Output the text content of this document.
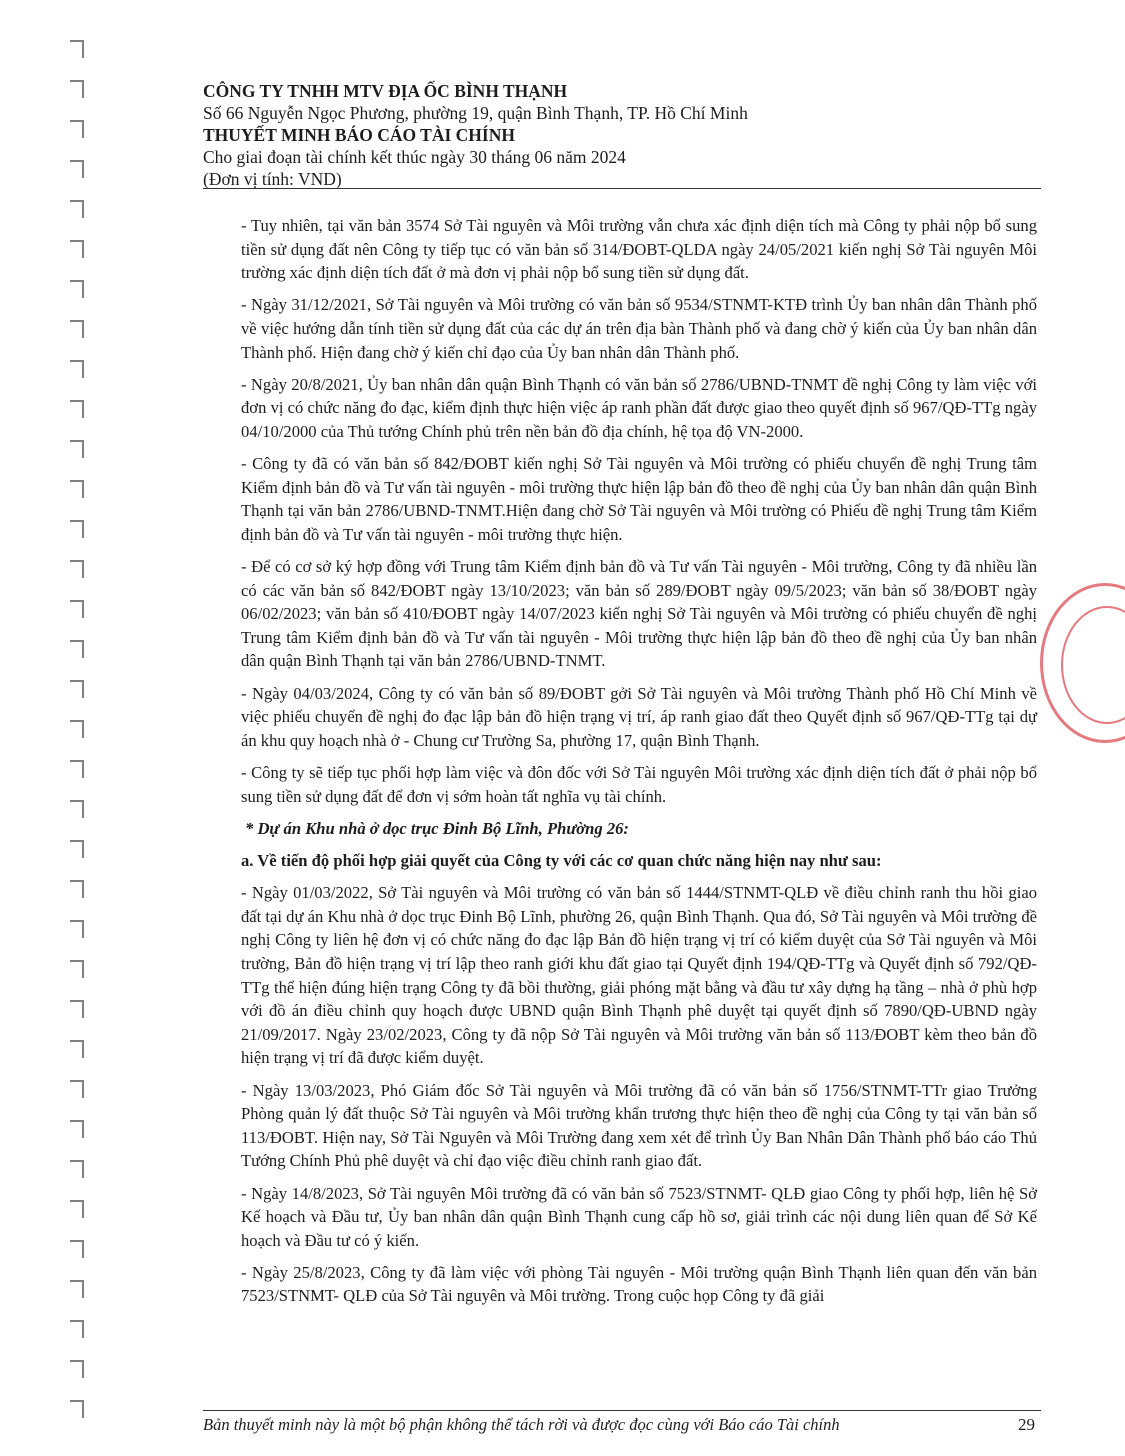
CÔNG TY TNHH MTV ĐỊA ỐC BÌNH THẠNH
Số 66 Nguyễn Ngọc Phương, phường 19, quận Bình Thạnh, TP. Hồ Chí Minh
THUYẾT MINH BÁO CÁO TÀI CHÍNH
Cho giai đoạn tài chính kết thúc ngày 30 tháng 06 năm 2024
(Đơn vị tính: VND)

- Tuy nhiên, tại văn bản 3574 Sở Tài nguyên và Môi trường vẫn chưa xác định diện tích mà Công ty phải nộp bổ sung tiền sử dụng đất nên Công ty tiếp tục có văn bản số 314/ĐOBT-QLDA ngày 24/05/2021 kiến nghị Sở Tài nguyên Môi trường xác định diện tích đất ở mà đơn vị phải nộp bổ sung tiền sử dụng đất.

- Ngày 31/12/2021, Sở Tài nguyên và Môi trường có văn bản số 9534/STNMT-KTĐ trình Ủy ban nhân dân Thành phố về việc hướng dẫn tính tiền sử dụng đất của các dự án trên địa bàn Thành phố và đang chờ ý kiến của Ủy ban nhân dân Thành phố. Hiện đang chờ ý kiến chỉ đạo của Ủy ban nhân dân Thành phố.

- Ngày 20/8/2021, Ủy ban nhân dân quận Bình Thạnh có văn bản số 2786/UBND-TNMT đề nghị Công ty làm việc với đơn vị có chức năng đo đạc, kiểm định thực hiện việc áp ranh phần đất được giao theo quyết định số 967/QĐ-TTg ngày 04/10/2000 của Thủ tướng Chính phủ trên nền bản đồ địa chính, hệ tọa độ VN-2000.

- Công ty đã có văn bản số 842/ĐOBT kiến nghị Sở Tài nguyên và Môi trường có phiếu chuyển đề nghị Trung tâm Kiểm định bản đồ và Tư vấn tài nguyên - môi trường thực hiện lập bản đồ theo đề nghị của Ủy ban nhân dân quận Bình Thạnh tại văn bản 2786/UBND-TNMT.Hiện đang chờ Sở Tài nguyên và Môi trường có Phiếu đề nghị Trung tâm Kiểm định bản đồ và Tư vấn tài nguyên - môi trường thực hiện.

- Để có cơ sở ký hợp đồng với Trung tâm Kiểm định bản đồ và Tư vấn Tài nguyên - Môi trường, Công ty đã nhiều lần có các văn bản số 842/ĐOBT ngày 13/10/2023; văn bản số 289/ĐOBT ngày 09/5/2023; văn bản số 38/ĐOBT ngày 06/02/2023; văn bản số 410/ĐOBT ngày 14/07/2023 kiến nghị Sở Tài nguyên và Môi trường có phiếu chuyển đề nghị Trung tâm Kiểm định bản đồ và Tư vấn tài nguyên - Môi trường thực hiện lập bản đồ theo đề nghị của Ủy ban nhân dân quận Bình Thạnh tại văn bản 2786/UBND-TNMT.

- Ngày 04/03/2024, Công ty có văn bản số 89/ĐOBT gởi Sở Tài nguyên và Môi trường Thành phố Hồ Chí Minh về việc phiếu chuyển đề nghị đo đạc lập bản đồ hiện trạng vị trí, áp ranh giao đất theo Quyết định số 967/QĐ-TTg tại dự án khu quy hoạch nhà ở - Chung cư Trường Sa, phường 17, quận Bình Thạnh.

- Công ty sẽ tiếp tục phối hợp làm việc và đôn đốc với Sở Tài nguyên Môi trường xác định diện tích đất ở phải nộp bổ sung tiền sử dụng đất để đơn vị sớm hoàn tất nghĩa vụ tài chính.

* Dự án Khu nhà ở dọc trục Đinh Bộ Lĩnh, Phường 26:

a. Về tiến độ phối hợp giải quyết của Công ty với các cơ quan chức năng hiện nay như sau:

- Ngày 01/03/2022, Sở Tài nguyên và Môi trường có văn bản số 1444/STNMT-QLĐ về điều chỉnh ranh thu hồi giao đất tại dự án Khu nhà ở dọc trục Đinh Bộ Lĩnh, phường 26, quận Bình Thạnh. Qua đó, Sở Tài nguyên và Môi trường đề nghị Công ty liên hệ đơn vị có chức năng đo đạc lập Bản đồ hiện trạng vị trí có kiểm duyệt của Sở Tài nguyên và Môi trường, Bản đồ hiện trạng vị trí lập theo ranh giới khu đất giao tại Quyết định 194/QĐ-TTg và Quyết định số 792/QĐ-TTg thể hiện đúng hiện trạng Công ty đã bồi thường, giải phóng mặt bằng và đầu tư xây dựng hạ tầng – nhà ở phù hợp với đồ án điều chỉnh quy hoạch được UBND quận Bình Thạnh phê duyệt tại quyết định số 7890/QĐ-UBND ngày 21/09/2017. Ngày 23/02/2023, Công ty đã nộp Sở Tài nguyên và Môi trường văn bản số 113/ĐOBT kèm theo bản đồ hiện trạng vị trí đã được kiểm duyệt.

- Ngày 13/03/2023, Phó Giám đốc Sở Tài nguyên và Môi trường đã có văn bản số 1756/STNMT-TTr giao Trưởng Phòng quản lý đất thuộc Sở Tài nguyên và Môi trường khẩn trương thực hiện theo đề nghị của Công ty tại văn bản số 113/ĐOBT. Hiện nay, Sở Tài Nguyên và Môi Trường đang xem xét để trình Ủy Ban Nhân Dân Thành phố báo cáo Thủ Tướng Chính Phủ phê duyệt và chỉ đạo việc điều chỉnh ranh giao đất.

- Ngày 14/8/2023, Sở Tài nguyên Môi trường đã có văn bản số 7523/STNMT- QLĐ giao Công ty phối hợp, liên hệ Sở Kế hoạch và Đầu tư, Ủy ban nhân dân quận Bình Thạnh cung cấp hồ sơ, giải trình các nội dung liên quan để Sở Kế hoạch và Đầu tư có ý kiến.

- Ngày 25/8/2023, Công ty đã làm việc với phòng Tài nguyên - Môi trường quận Bình Thạnh liên quan đến văn bản 7523/STNMT- QLĐ của Sở Tài nguyên và Môi trường. Trong cuộc họp Công ty đã giải

Bản thuyết minh này là một bộ phận không thể tách rời và được đọc cùng với Báo cáo Tài chính	29
